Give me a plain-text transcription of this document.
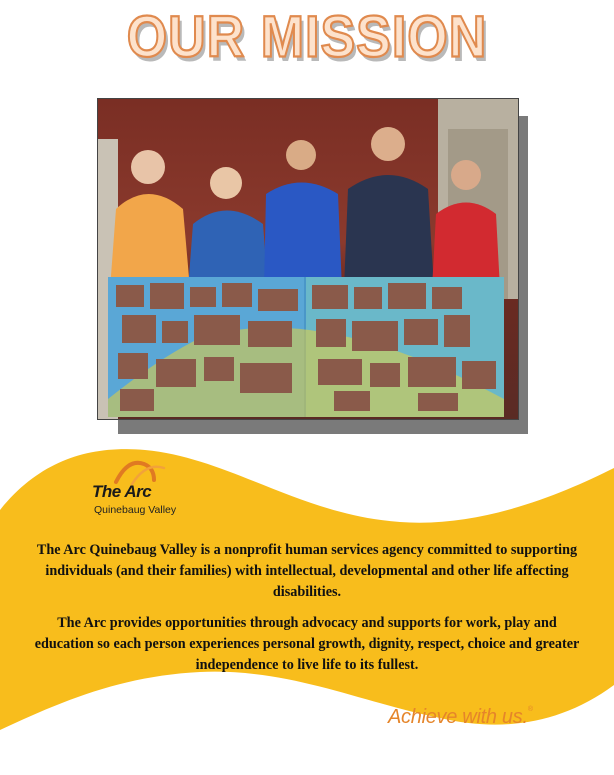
OUR MISSION
The Arc
Quinebaug Valley
The Arc Quinebaug Valley is a nonprofit human services agency committed to supporting individuals (and their families) with intellectual, developmental and other life affecting disabilities.
The Arc provides opportunities through advocacy and supports for work, play and education so each person experiences personal growth, dignity, respect, choice and greater independence to live life to its fullest.
Achieve with us.®
